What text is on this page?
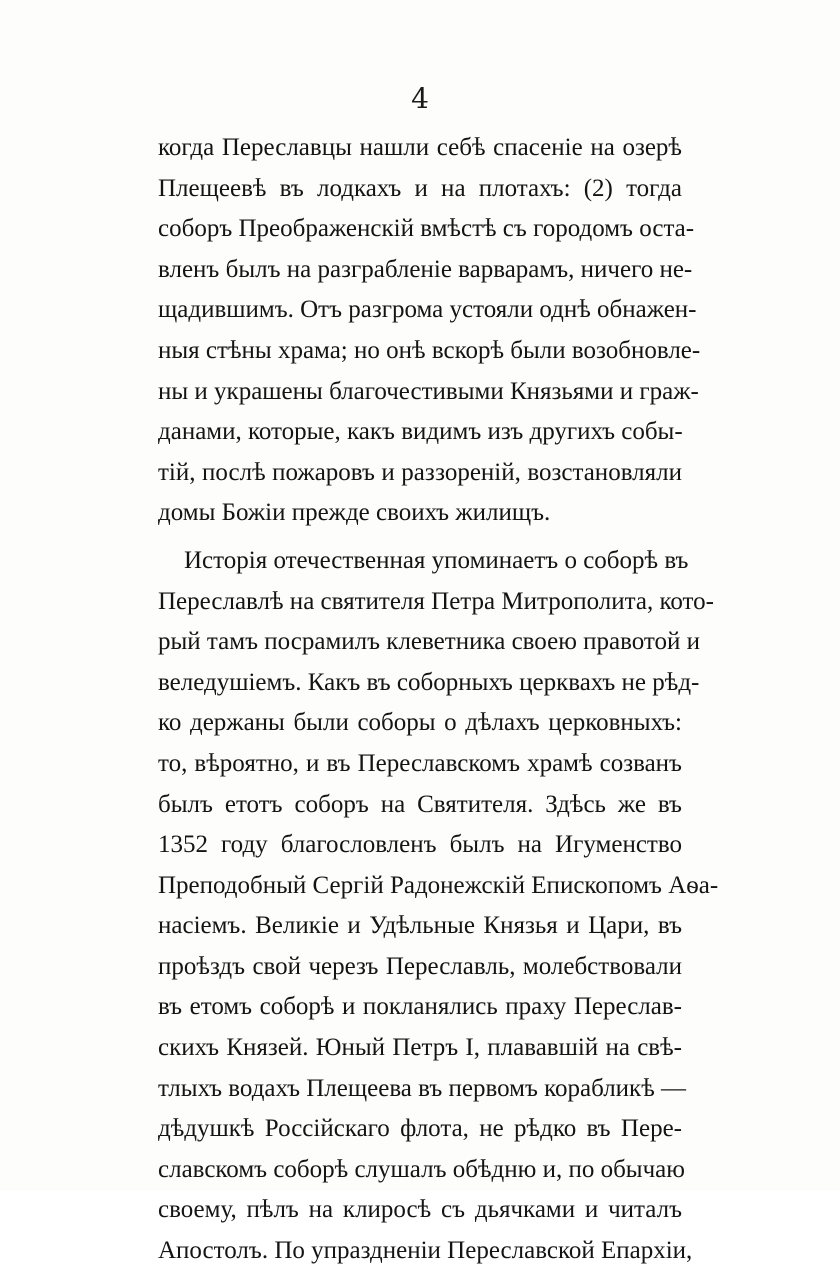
4
когда Переславцы нашли себѣ спасеніе на озерѣ
Плещеевѣ въ лодкахъ и на плотахъ: (2) тогда
соборъ Преображенскій вмѣстѣ съ городомъ оста-
вленъ былъ на разграбленіе варварамъ, ничего не-
щадившимъ. Отъ разгрома устояли однѣ обнажен-
ныя стѣны храма; но онѣ вскорѣ были возобновле-
ны и украшены благочестивыми Князьями и граж-
данами, которые, какъ видимъ изъ другихъ собы-
тій, послѣ пожаровъ и раззореній, возстановляли
домы Божіи прежде своихъ жилищъ.
Исторія отечественная упоминаетъ о соборѣ въ
Переславлѣ на святителя Петра Митрополита, кото-
рый тамъ посрамилъ клеветника своею правотой и
веледушіемъ. Какъ въ соборныхъ церквахъ не рѣд-
ко держаны были соборы о дѣлахъ церковныхъ:
то, вѣроятно, и въ Переславскомъ храмѣ созванъ
былъ етотъ соборъ на Святителя. Здѣсь же въ
1352 году благословленъ былъ на Игуменство
Преподобный Сергій Радонежскій Епископомъ Аѳа-
насіемъ. Великіе и Удѣльные Князья и Цари, въ
проѣздъ свой черезъ Переславль, молебствовали
въ етомъ соборѣ и покланялись праху Переслав-
скихъ Князей. Юный Петръ I, плававшій на свѣ-
тлыхъ водахъ Плещеева въ первомъ корабликѣ —
дѣдушкѣ Россійскаго флота, не рѣдко въ Пере-
славскомъ соборѣ слушалъ обѣдню и, по обычаю
своему, пѣлъ на клиросѣ съ дьячками и читалъ
Апостолъ. По упраздненіи Переславской Епархіи,
